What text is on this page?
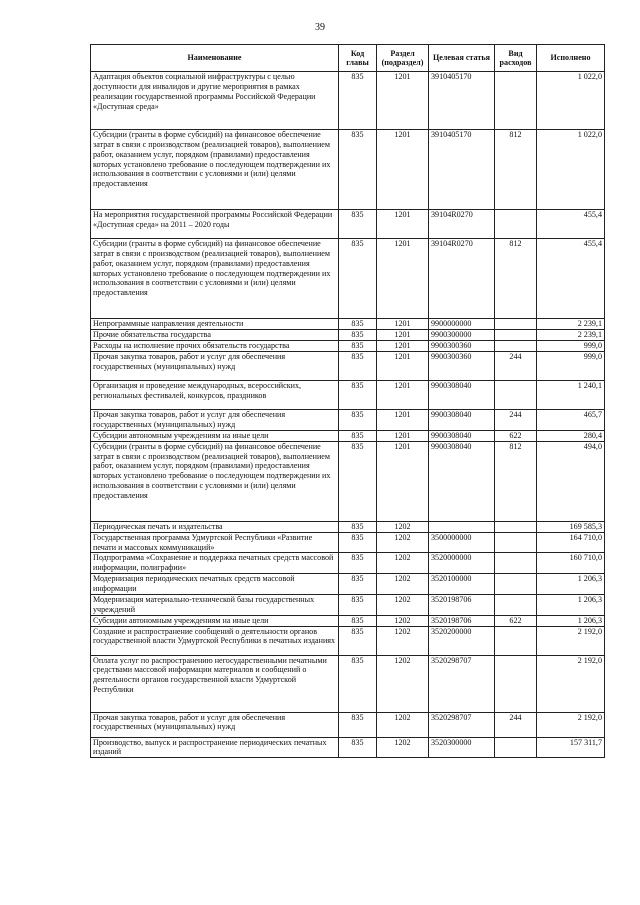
39
Наименование	Код главы	Раздел (подраздел)	Целевая статья	Вид расходов	Исполнено
Адаптация объектов социальной инфраструктуры с целью доступности для инвалидов и другие мероприятия в рамках реализации государственной программы Российской Федерации «Доступная среда»	835	1201	3910405170		1 022,0
Субсидии (гранты в форме субсидий) на финансовое обеспечение затрат в связи с производством (реализацией товаров), выполнением работ, оказанием услуг, порядком (правилами) предоставления которых установлено требование о последующем подтверждении их использования в соответствии с условиями и (или) целями предоставления	835	1201	3910405170	812	1 022,0
На мероприятия государственной программы Российской Федерации «Доступная среда» на 2011 – 2020 годы	835	1201	39104R0270		455,4
Субсидии (гранты в форме субсидий) на финансовое обеспечение затрат в связи с производством (реализацией товаров), выполнением работ, оказанием услуг, порядком (правилами) предоставления которых установлено требование о последующем подтверждении их использования в соответствии с условиями и (или) целями предоставления	835	1201	39104R0270	812	455,4
Непрограммные направления деятельности	835	1201	9900000000		2 239,1
Прочие обязательства государства	835	1201	9900300000		2 239,1
Расходы на исполнение прочих обязательств государства	835	1201	9900300360		999,0
Прочая закупка товаров, работ и услуг для обеспечения государственных (муниципальных) нужд	835	1201	9900300360	244	999,0
Организация и проведение международных, всероссийских, региональных фестивалей, конкурсов, праздников	835	1201	9900308040		1 240,1
Прочая закупка товаров, работ и услуг для обеспечения государственных (муниципальных) нужд	835	1201	9900308040	244	465,7
Субсидии автономным учреждениям на иные цели	835	1201	9900308040	622	280,4
Субсидии (гранты в форме субсидий) на финансовое обеспечение затрат в связи с производством (реализацией товаров), выполнением работ, оказанием услуг, порядком (правилами) предоставления которых установлено требование о последующем подтверждении их использования в соответствии с условиями и (или) целями предоставления	835	1201	9900308040	812	494,0
Периодическая печать и издательства	835	1202			169 585,3
Государственная программа Удмуртской Республики «Развитие печати и массовых коммуникаций»	835	1202	3500000000		164 710,0
Подпрограмма «Сохранение и поддержка печатных средств массовой информации, полиграфии»	835	1202	3520000000		160 710,0
Модернизация периодических печатных средств массовой информации	835	1202	3520100000		1 206,3
Модернизация материально-технической базы государственных учреждений	835	1202	3520198706		1 206,3
Субсидии автономным учреждениям на иные цели	835	1202	3520198706	622	1 206,3
Создание и распространение сообщений о деятельности органов государственной власти Удмуртской Республики в печатных изданиях	835	1202	3520200000		2 192,0
Оплата услуг по распространению негосударственными печатными средствами массовой информации материалов и сообщений о деятельности органов государственной власти Удмуртской Республики	835	1202	3520298707		2 192,0
Прочая закупка товаров, работ и услуг для обеспечения государственных (муниципальных) нужд	835	1202	3520298707	244	2 192,0
Производство, выпуск и распространение периодических печатных изданий	835	1202	3520300000		157 311,7
